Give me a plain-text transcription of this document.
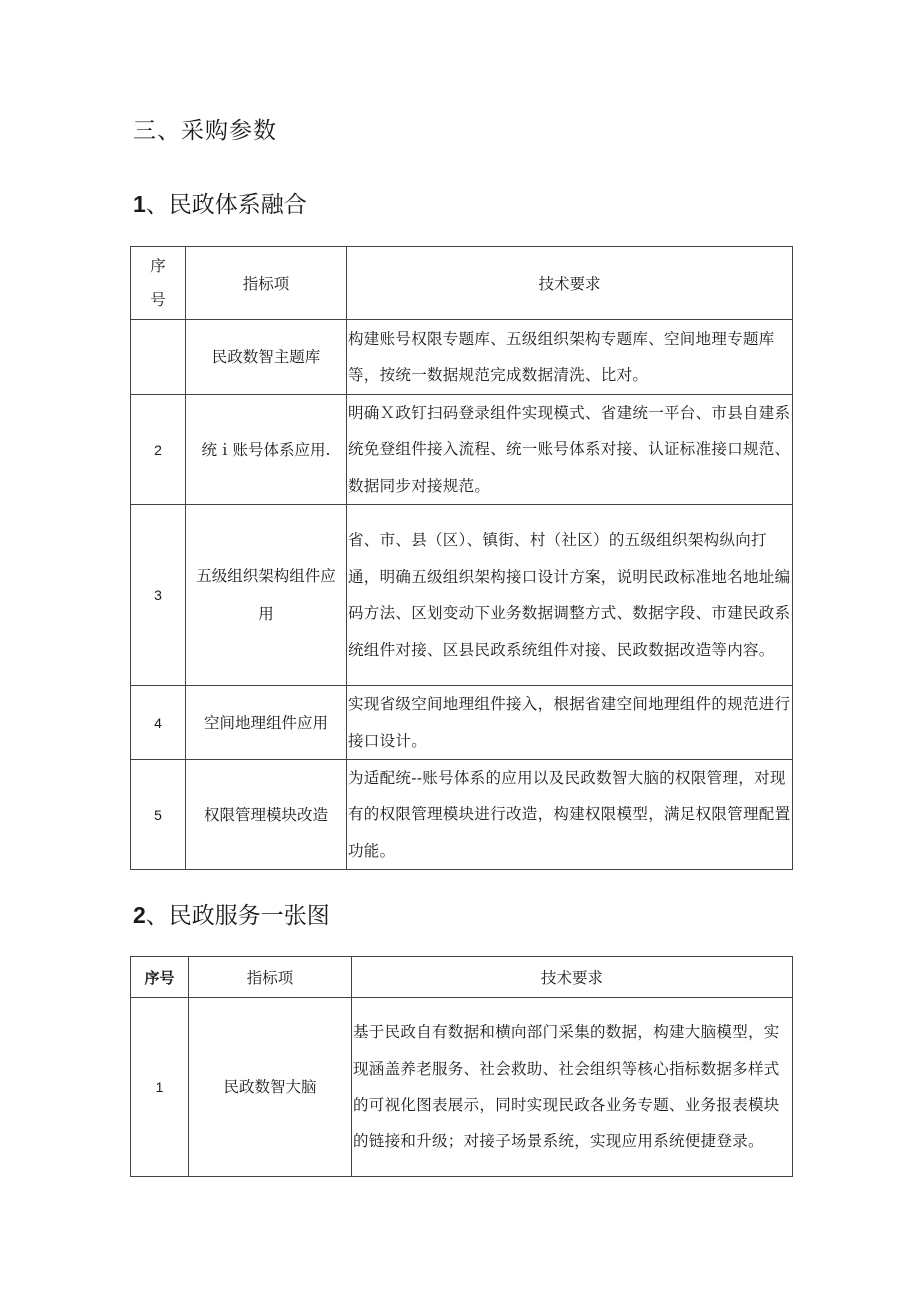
三、采购参数
1、民政体系融合
序
号	指标项	技术要求
	民政数智主题库	构建账号权限专题库、五级组织架构专题库、空间地理专题库等，按统一数据规范完成数据清洗、比对。
2	统ｉ账号体系应用.	明确Ｘ政钉扫码登录组件实现模式、省建统一平台、市县自建系统免登组件接入流程、统一账号体系对接、认证标准接口规范、数据同步对接规范。
3	五级组织架构组件应用	省、市、县（区）、镇街、村（社区）的五级组织架构纵向打通，明确五级组织架构接口设计方案，说明民政标准地名地址编码方法、区划变动下业务数据调整方式、数据字段、市建民政系统组件对接、区县民政系统组件对接、民政数据改造等内容。
4	空间地理组件应用	实现省级空间地理组件接入，根据省建空间地理组件的规范进行接口设计。
5	权限管理模块改造	为适配统--账号体系的应用以及民政数智大脑的权限管理，对现有的权限管理模块进行改造，构建权限模型，满足权限管理配置功能。
2、民政服务一张图
序号	指标项	技术要求
1	民政数智大脑	基于民政自有数据和横向部门采集的数据，构建大脑模型，实现涵盖养老服务、社会救助、社会组织等核心指标数据多样式的可视化图表展示，同时实现民政各业务专题、业务报表模块的链接和升级；对接子场景系统，实现应用系统便捷登录。
